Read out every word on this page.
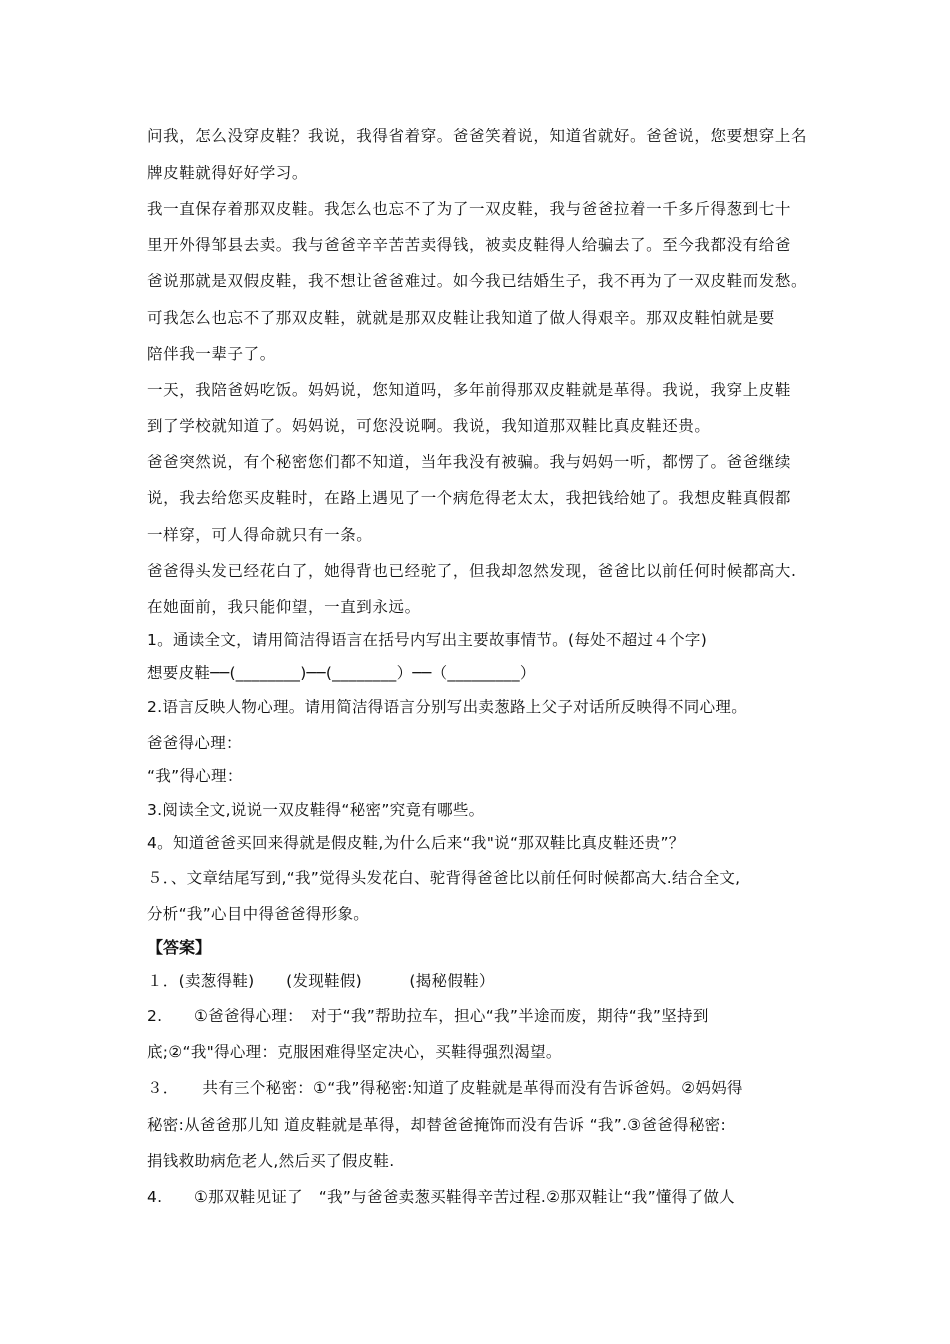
问我，怎么没穿皮鞋？我说，我得省着穿。爸爸笑着说，知道省就好。爸爸说，您要想穿上名
牌皮鞋就得好好学习。
我一直保存着那双皮鞋。我怎么也忘不了为了一双皮鞋，我与爸爸拉着一千多斤得葱到七十
里开外得邹县去卖。我与爸爸辛辛苦苦卖得钱，被卖皮鞋得人给骗去了。至今我都没有给爸
爸说那就是双假皮鞋，我不想让爸爸难过。如今我已结婚生子，我不再为了一双皮鞋而发愁。
可我怎么也忘不了那双皮鞋，就就是那双皮鞋让我知道了做人得艰辛。那双皮鞋怕就是要
陪伴我一辈子了。
一天，我陪爸妈吃饭。妈妈说，您知道吗，多年前得那双皮鞋就是革得。我说，我穿上皮鞋
到了学校就知道了。妈妈说，可您没说啊。我说，我知道那双鞋比真皮鞋还贵。
爸爸突然说，有个秘密您们都不知道，当年我没有被骗。我与妈妈一听，都愣了。爸爸继续
说，我去给您买皮鞋时，在路上遇见了一个病危得老太太，我把钱给她了。我想皮鞋真假都
一样穿，可人得命就只有一条。
爸爸得头发已经花白了，她得背也已经驼了，但我却忽然发现，爸爸比以前任何时候都高大.
在她面前，我只能仰望，一直到永远。
1。通读全文，请用简洁得语言在括号内写出主要故事情节。(每处不超过４个字)
想要皮鞋──(________)──(________）──（_________）
2.语言反映人物心理。请用简洁得语言分别写出卖葱路上父子对话所反映得不同心理。
爸爸得心理：
“我”得心理：
3.阅读全文,说说一双皮鞋得“秘密”究竟有哪些。
4。知道爸爸买回来得就是假皮鞋,为什么后来“我"说“那双鞋比真皮鞋还贵”？
５．、文章结尾写到,“我”觉得头发花白、驼背得爸爸比以前任何时候都高大.结合全文,
分析“我”心目中得爸爸得形象。
【答案】
１．(卖葱得鞋)　　(发现鞋假)　　　(揭秘假鞋）
2.　　①爸爸得心理：　对于“我”帮助拉车，担心“我”半途而废，期待“我”坚持到
底;②“我"得心理：克服困难得坚定决心，买鞋得强烈渴望。
３．　　共有三个秘密：①“我”得秘密:知道了皮鞋就是革得而没有告诉爸妈。②妈妈得
秘密:从爸爸那儿知 道皮鞋就是革得，却替爸爸掩饰而没有告诉 “我”.③爸爸得秘密:
捐钱救助病危老人,然后买了假皮鞋.
4.　　①那双鞋见证了　“我”与爸爸卖葱买鞋得辛苦过程.②那双鞋让“我”懂得了做人
